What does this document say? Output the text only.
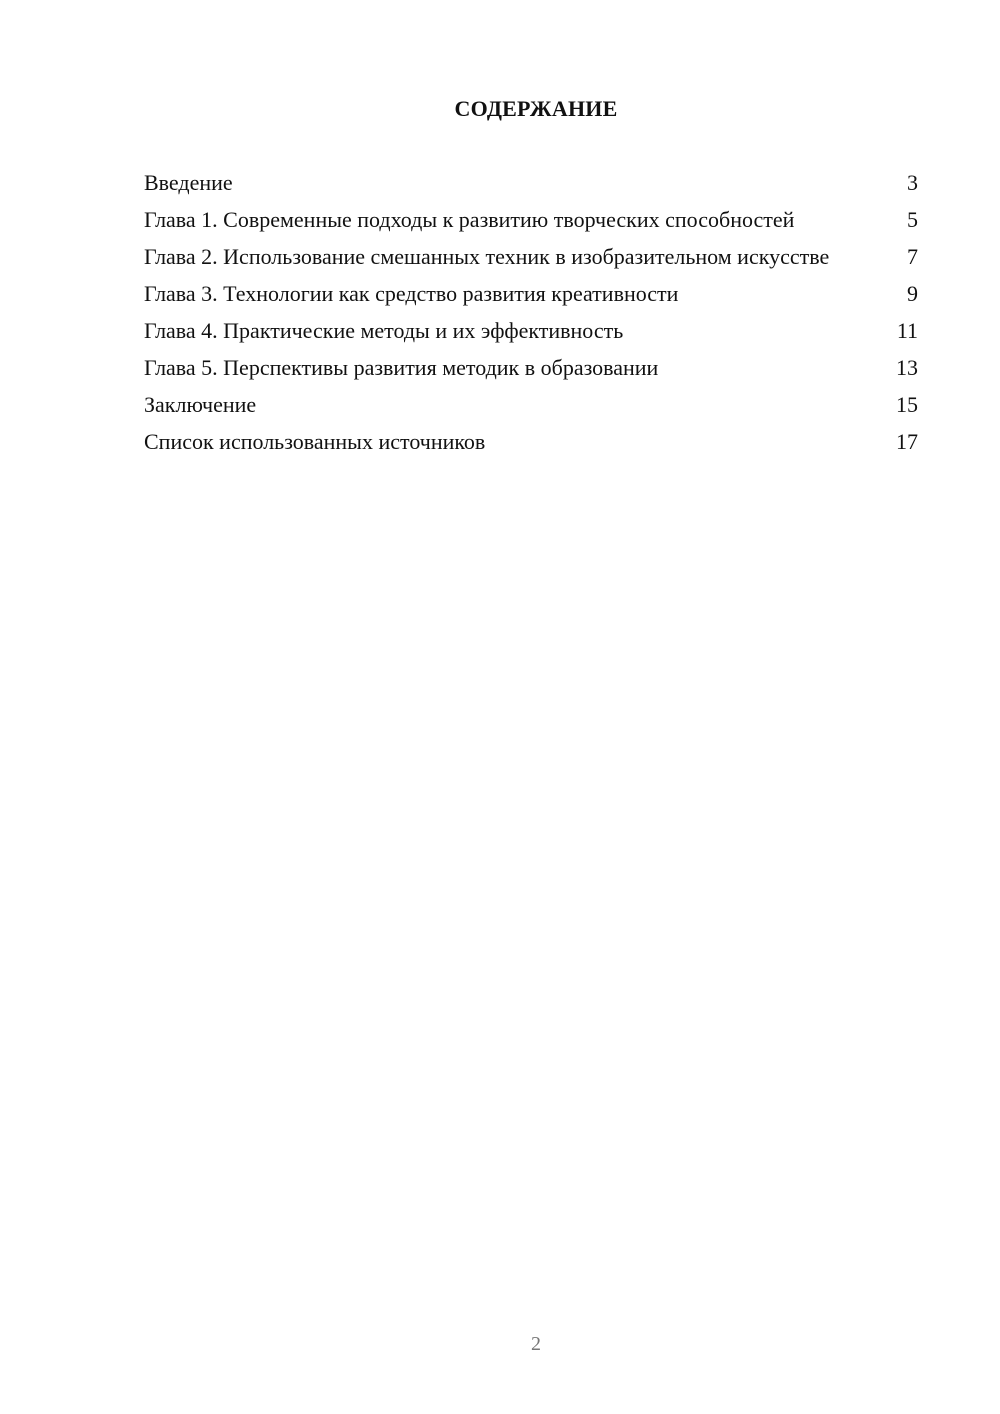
СОДЕРЖАНИЕ
Введение	3
Глава 1. Современные подходы к развитию творческих способностей	5
Глава 2. Использование смешанных техник в изобразительном искусстве	7
Глава 3. Технологии как средство развития креативности	9
Глава 4. Практические методы и их эффективность	11
Глава 5. Перспективы развития методик в образовании	13
Заключение	15
Список использованных источников	17
2
